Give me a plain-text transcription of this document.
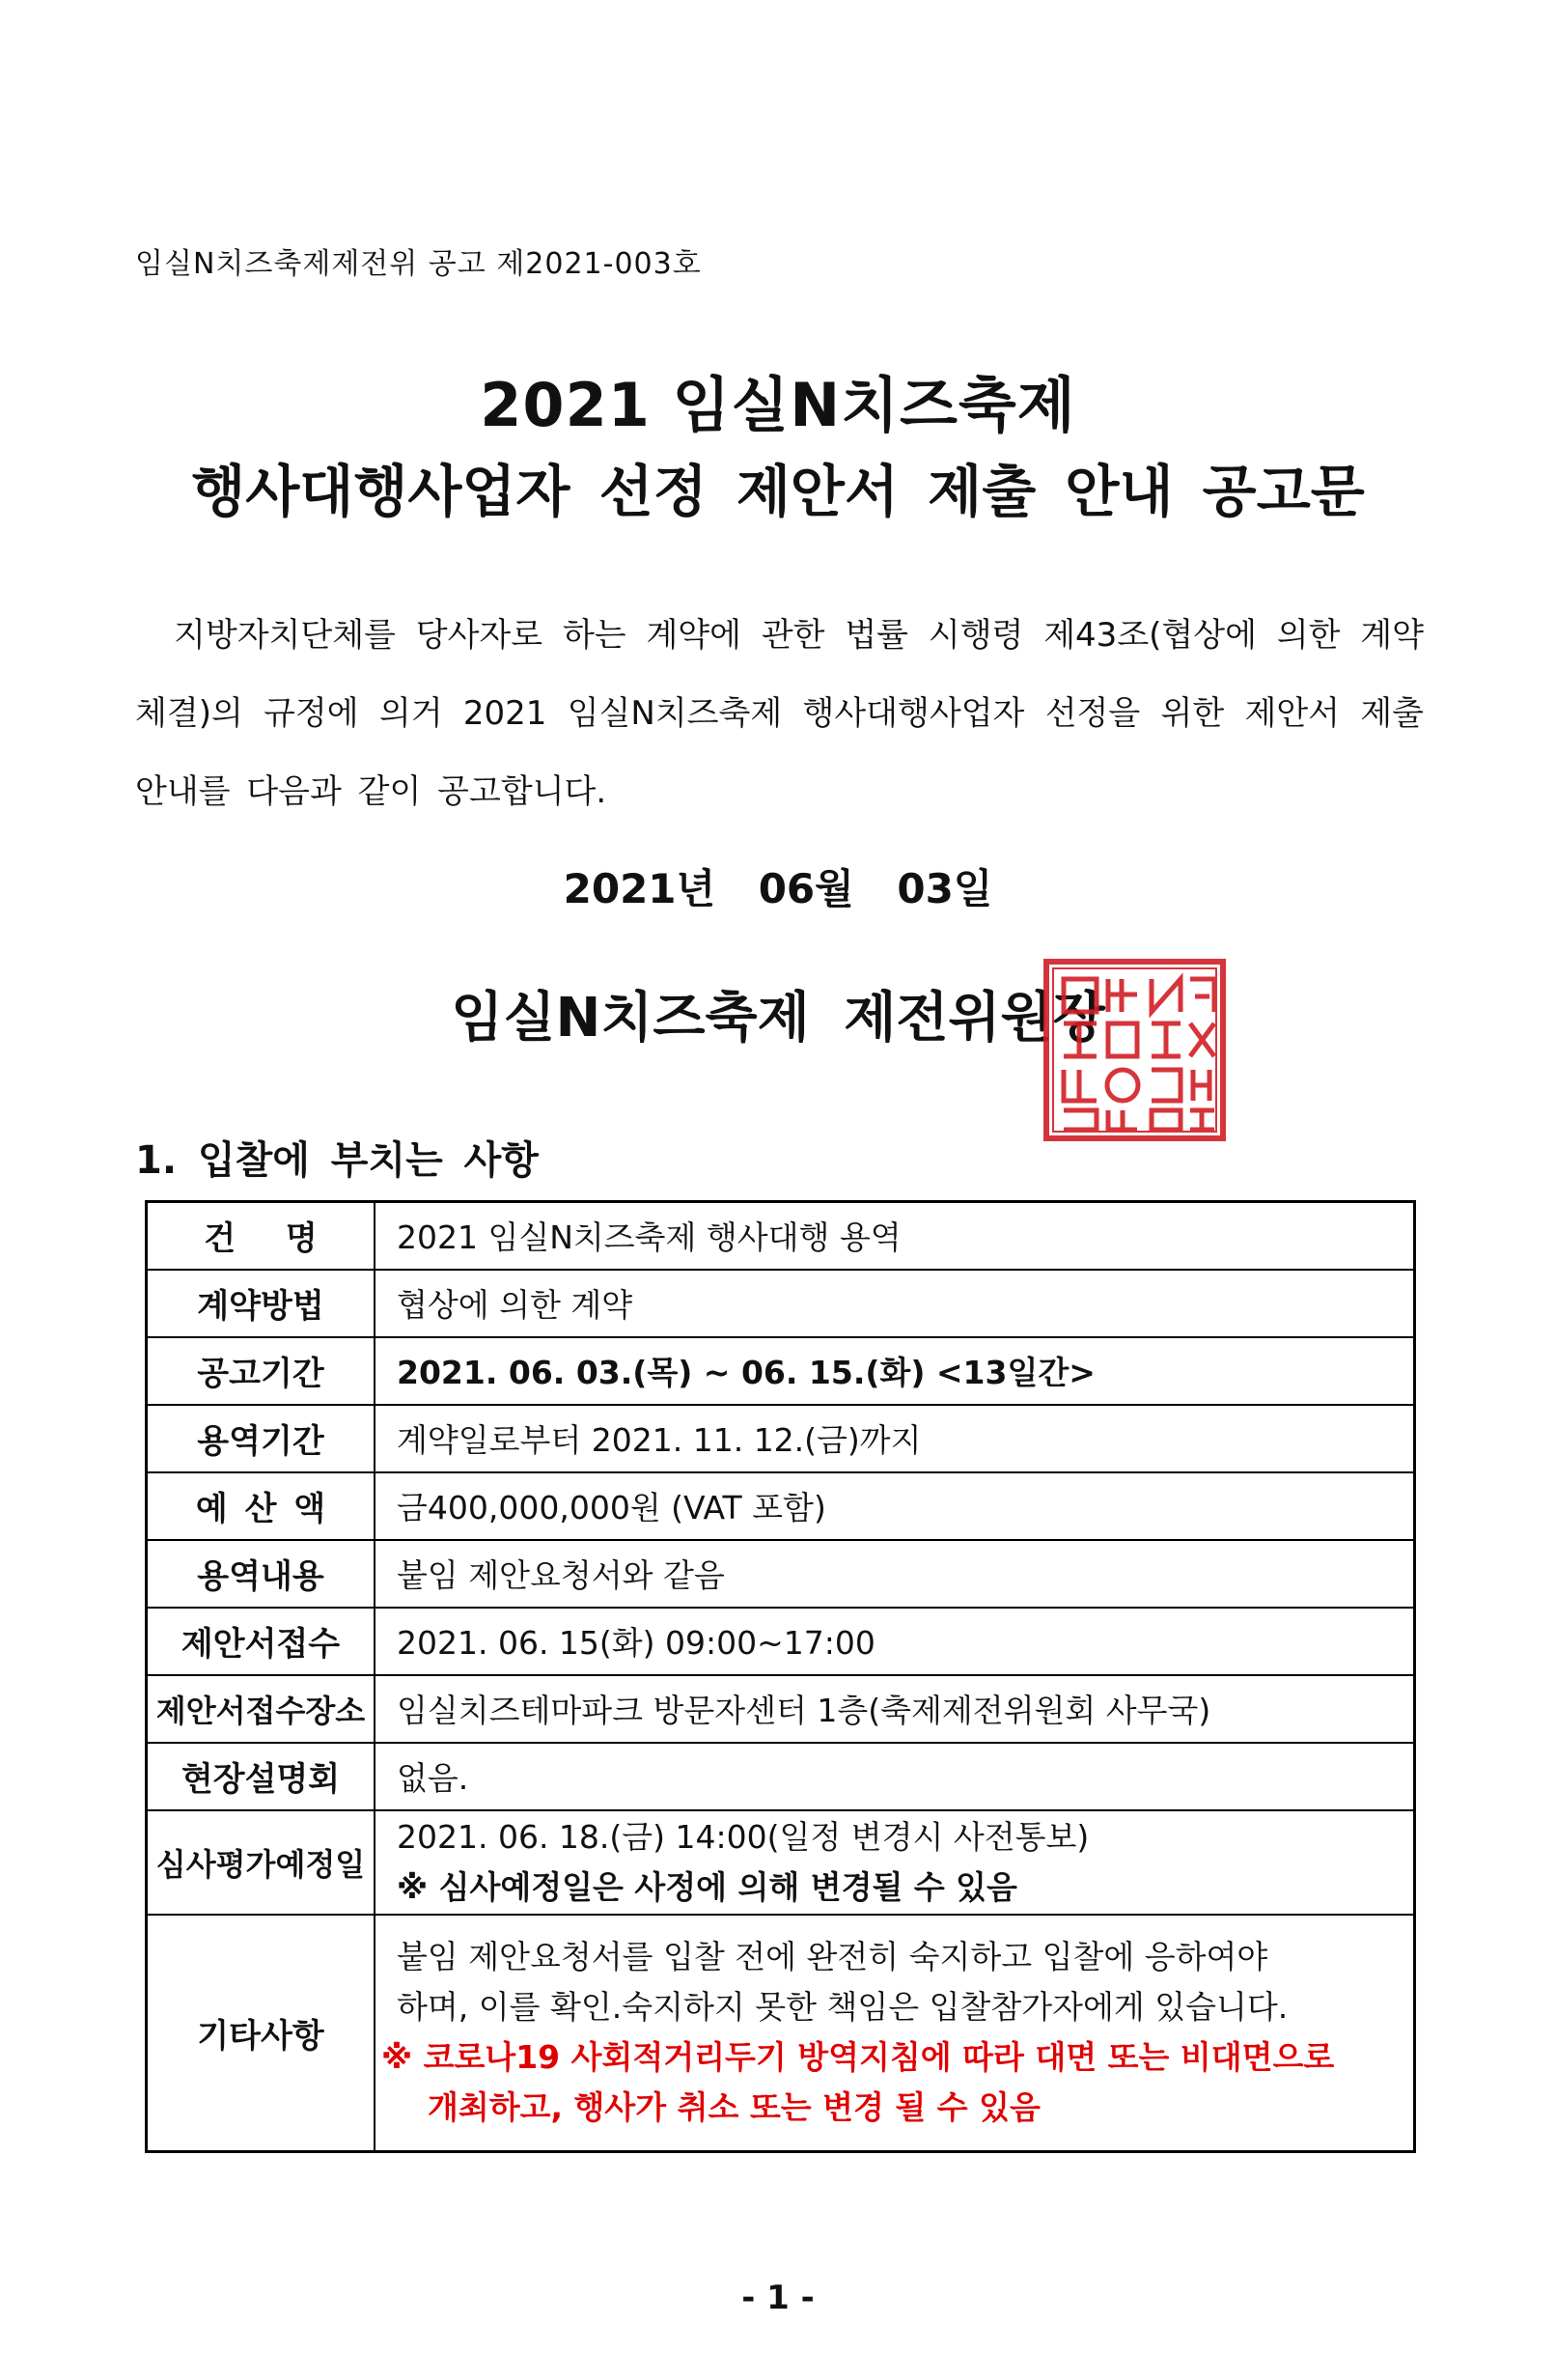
임실N치즈축제제전위 공고 제2021-003호
2021 임실N치즈축제
행사대행사업자 선정 제안서 제출 안내 공고문
지방자치단체를 당사자로 하는 계약에 관한 법률 시행령 제43조(협상에 의한 계약 체결)의 규정에 의거 2021 임실N치즈축제 행사대행사업자 선정을 위한 제안서 제출 안내를 다음과 같이 공고합니다.
2021년 06월 03일
임실N치즈축제 제전위원장
1. 입찰에 부치는 사항
건 명	2021 임실N치즈축제 행사대행 용역
계약방법	협상에 의한 계약
공고기간	2021. 06. 03.(목) ~ 06. 15.(화) <13일간>
용역기간	계약일로부터 2021. 11. 12.(금)까지
예 산 액	금400,000,000원 (VAT 포함)
용역내용	붙임 제안요청서와 같음
제안서접수	2021. 06. 15(화) 09:00~17:00
제안서접수장소	임실치즈테마파크 방문자센터 1층(축제제전위원회 사무국)
현장설명회	없음.
심사평가예정일	2021. 06. 18.(금) 14:00(일정 변경시 사전통보)
※ 심사예정일은 사정에 의해 변경될 수 있음

기타사항	붙임 제안요청서를 입찰 전에 완전히 숙지하고 입찰에 응하여야
하며, 이를 확인.숙지하지 못한 책임은 입찰참가자에게 있습니다.
※ 코로나19 사회적거리두기 방역지침에 따라 대면 또는 비대면으로
개최하고, 행사가 취소 또는 변경 될 수 있음
- 1 -
